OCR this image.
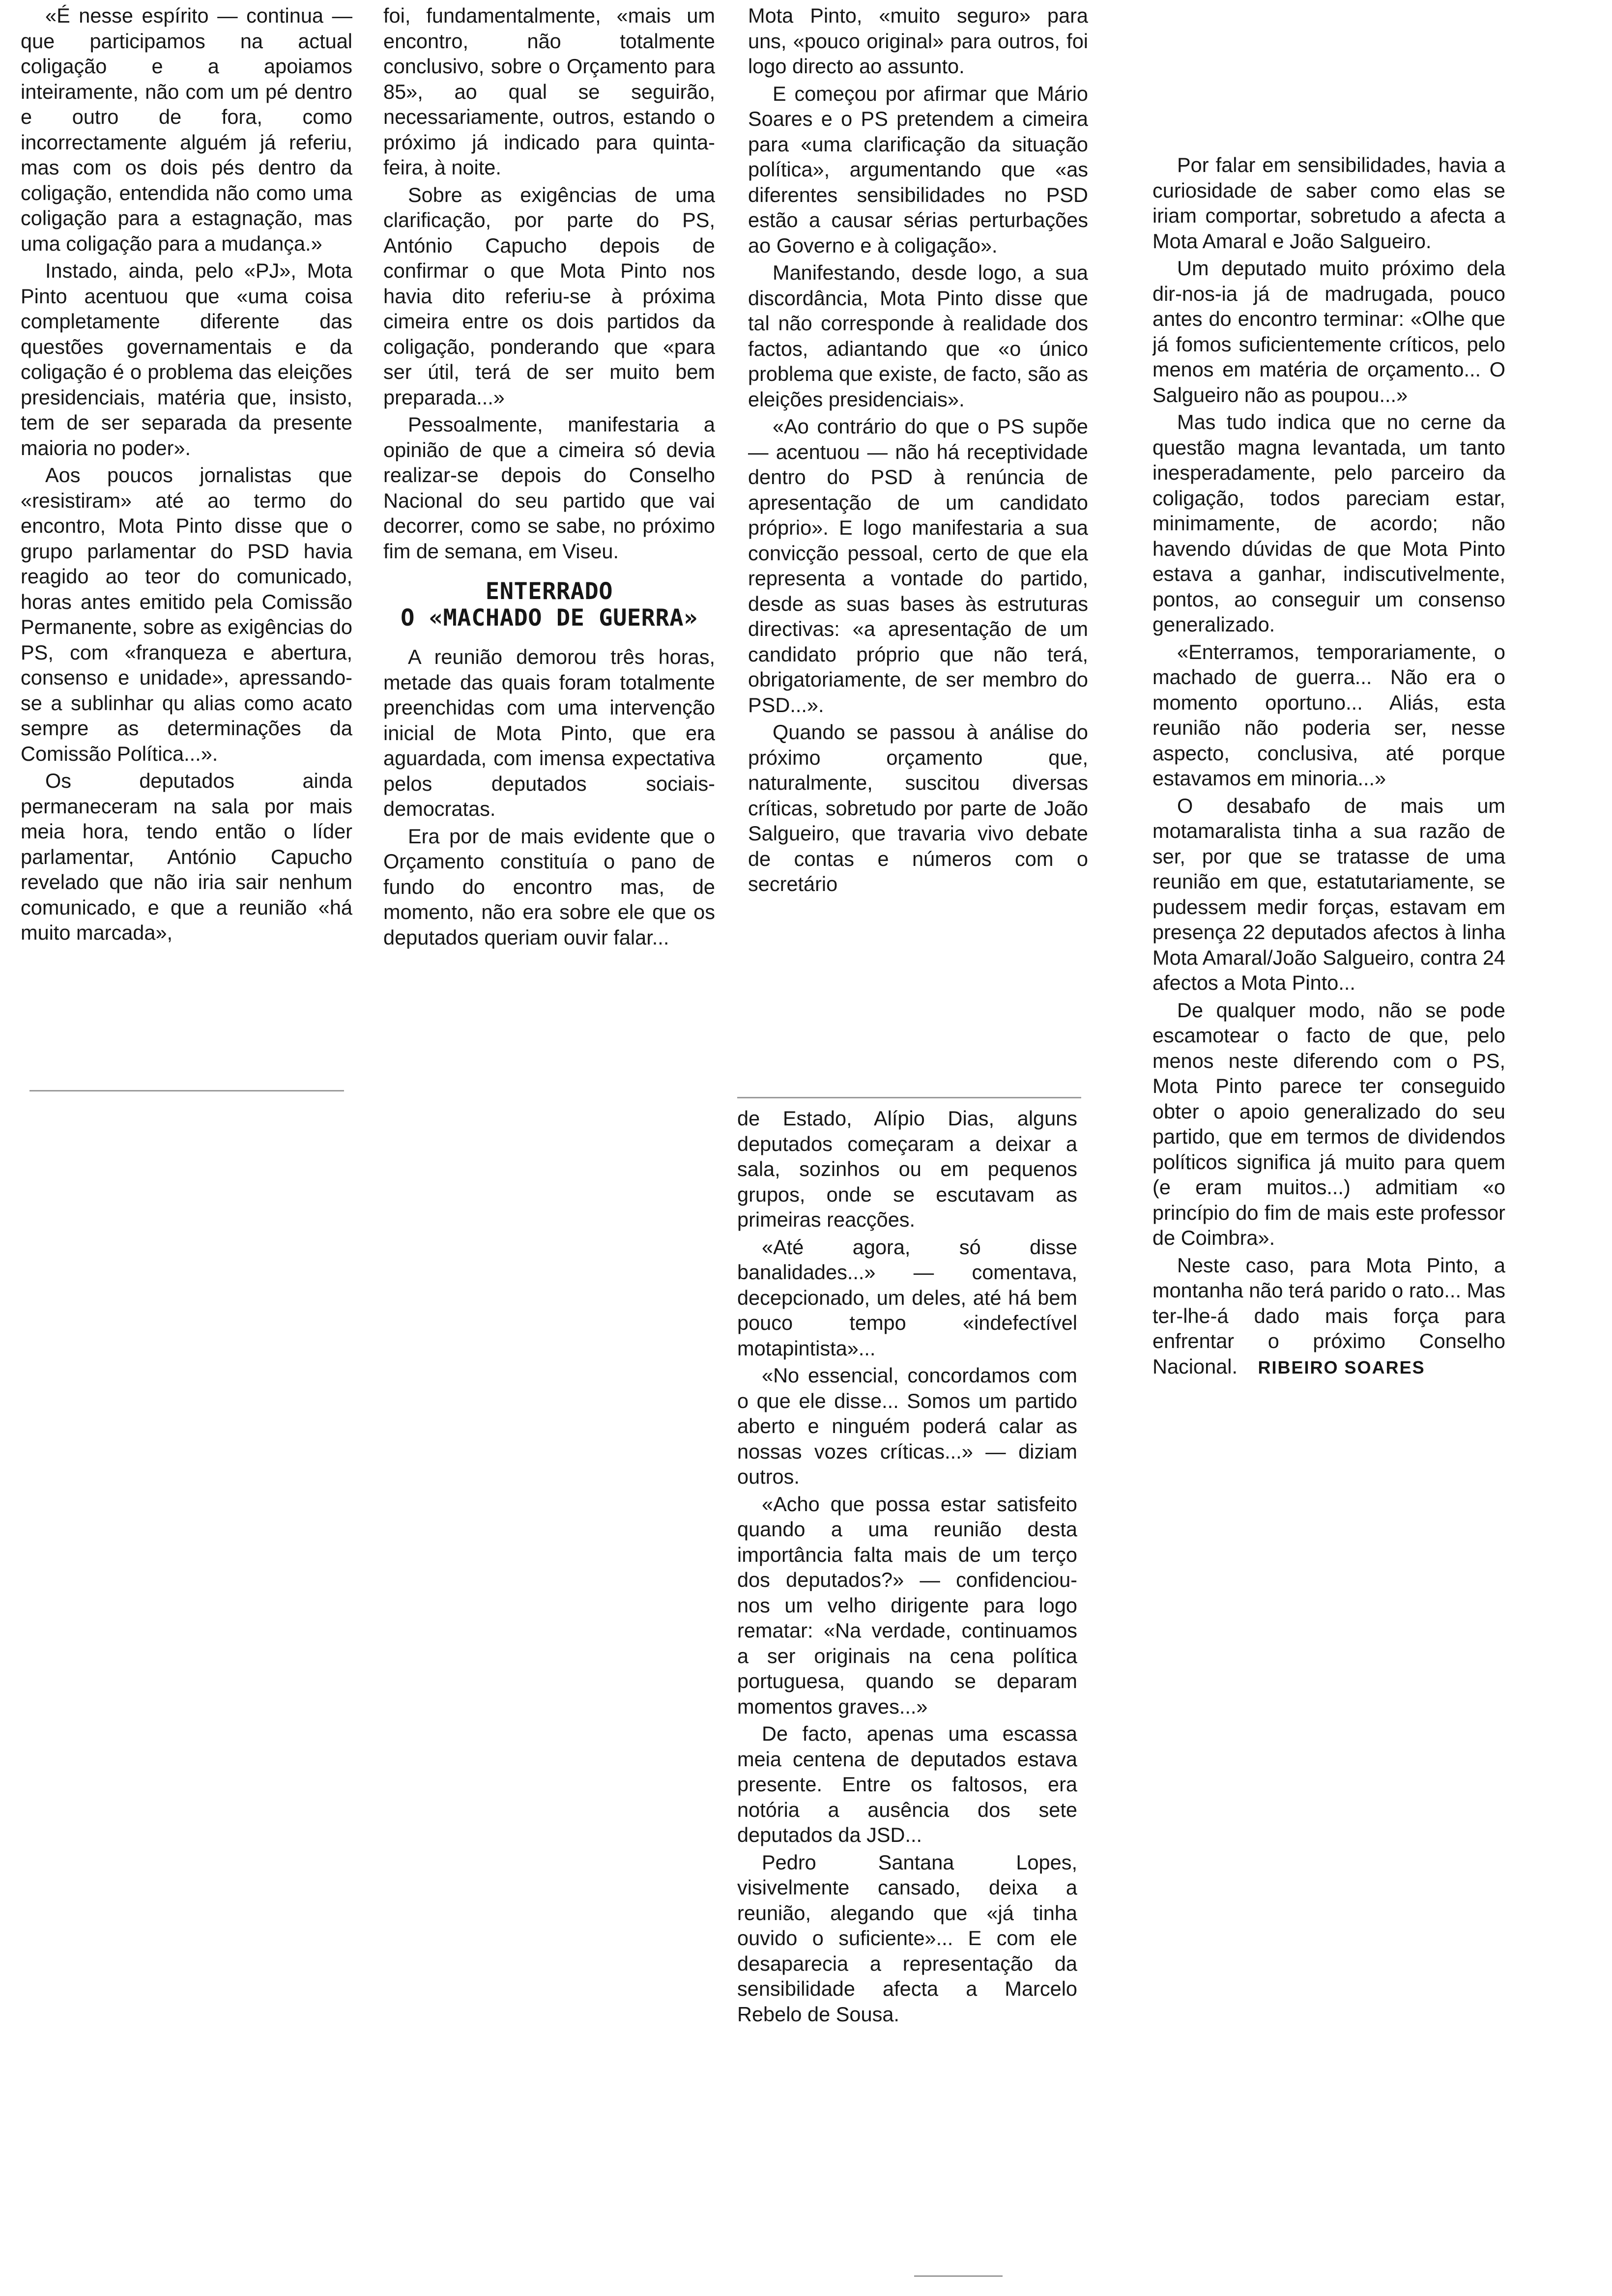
«É nesse espírito — continua — que participamos na actual coligação e a apoiamos inteiramente, não com um pé dentro e outro de fora, como incorrectamente alguém já referiu, mas com os dois pés dentro da coligação, entendida não como uma coligação para a estagnação, mas uma coligação para a mudança.»

Instado, ainda, pelo «PJ», Mota Pinto acentuou que «uma coisa completamente diferente das questões governamentais e da coligação é o problema das eleições presidenciais, matéria que, insisto, tem de ser separada da presente maioria no poder».

Aos poucos jornalistas que «resistiram» até ao termo do encontro, Mota Pinto disse que o grupo parlamentar do PSD havia reagido ao teor do comunicado, horas antes emitido pela Comissão Permanente, sobre as exigências do PS, com «franqueza e abertura, consenso e unidade», apressando-se a sublinhar qu alias como acato sempre as determinações da Comissão Política...».

Os deputados ainda permaneceram na sala por mais meia hora, tendo então o líder parlamentar, António Capucho revelado que não iria sair nenhum comunicado, e que a reunião «há muito marcada»,

foi, fundamentalmente, «mais um encontro, não totalmente conclusivo, sobre o Orçamento para 85», ao qual se seguirão, necessariamente, outros, estando o próximo já indicado para quinta-feira, à noite.

Sobre as exigências de uma clarificação, por parte do PS, António Capucho depois de confirmar o que Mota Pinto nos havia dito referiu-se à próxima cimeira entre os dois partidos da coligação, ponderando que «para ser útil, terá de ser muito bem preparada...»

Pessoalmente, manifestaria a opinião de que a cimeira só devia realizar-se depois do Conselho Nacional do seu partido que vai decorrer, como se sabe, no próximo fim de semana, em Viseu.

ENTERRADO
O «MACHADO DE GUERRA»

A reunião demorou três horas, metade das quais foram totalmente preenchidas com uma intervenção inicial de Mota Pinto, que era aguardada, com imensa expectativa pelos deputados sociais-democratas.

Era por de mais evidente que o Orçamento constituía o pano de fundo do encontro mas, de momento, não era sobre ele que os deputados queriam ouvir falar...

Mota Pinto, «muito seguro» para uns, «pouco original» para outros, foi logo directo ao assunto.

E começou por afirmar que Mário Soares e o PS pretendem a cimeira para «uma clarificação da situação política», argumentando que «as diferentes sensibilidades no PSD estão a causar sérias perturbações ao Governo e à coligação».

Manifestando, desde logo, a sua discordância, Mota Pinto disse que tal não corresponde à realidade dos factos, adiantando que «o único problema que existe, de facto, são as eleições presidenciais».

«Ao contrário do que o PS supõe — acentuou — não há receptividade dentro do PSD à renúncia de apresentação de um candidato próprio». E logo manifestaria a sua convicção pessoal, certo de que ela representa a vontade do partido, desde as suas bases às estruturas directivas: «a apresentação de um candidato próprio que não terá, obrigatoriamente, de ser membro do PSD...».

Quando se passou à análise do próximo orçamento que, naturalmente, suscitou diversas críticas, sobretudo por parte de João Salgueiro, que travaria vivo debate de contas e números com o secretário

de Estado, Alípio Dias, alguns deputados começaram a deixar a sala, sozinhos ou em pequenos grupos, onde se escutavam as primeiras reacções.

«Até agora, só disse banalidades...» — comentava, decepcionado, um deles, até há bem pouco tempo «indefectível motapintista»...

«No essencial, concordamos com o que ele disse... Somos um partido aberto e ninguém poderá calar as nossas vozes críticas...» — diziam outros.

«Acho que possa estar satisfeito quando a uma reunião desta importância falta mais de um terço dos deputados?» — confidenciou-nos um velho dirigente para logo rematar: «Na verdade, continuamos a ser originais na cena política portuguesa, quando se deparam momentos graves...»

De facto, apenas uma escassa meia centena de deputados estava presente. Entre os faltosos, era notória a ausência dos sete deputados da JSD...

Pedro Santana Lopes, visivelmente cansado, deixa a reunião, alegando que «já tinha ouvido o suficiente»... E com ele desaparecia a representação da sensibilidade afecta a Marcelo Rebelo de Sousa.

Por falar em sensibilidades, havia a curiosidade de saber como elas se iriam comportar, sobretudo a afecta a Mota Amaral e João Salgueiro.

Um deputado muito próximo dela dir-nos-ia já de madrugada, pouco antes do encontro terminar: «Olhe que já fomos suficientemente críticos, pelo menos em matéria de orçamento... O Salgueiro não as poupou...»

Mas tudo indica que no cerne da questão magna levantada, um tanto inesperadamente, pelo parceiro da coligação, todos pareciam estar, minimamente, de acordo; não havendo dúvidas de que Mota Pinto estava a ganhar, indiscutivelmente, pontos, ao conseguir um consenso generalizado.

«Enterramos, temporariamente, o machado de guerra... Não era o momento oportuno... Aliás, esta reunião não poderia ser, nesse aspecto, conclusiva, até porque estavamos em minoria...»

O desabafo de mais um motamaralista tinha a sua razão de ser, por que se tratasse de uma reunião em que, estatutariamente, se pudessem medir forças, estavam em presença 22 deputados afectos à linha Mota Amaral/João Salgueiro, contra 24 afectos a Mota Pinto...

De qualquer modo, não se pode escamotear o facto de que, pelo menos neste diferendo com o PS, Mota Pinto parece ter conseguido obter o apoio generalizado do seu partido, que em termos de dividendos políticos significa já muito para quem (e eram muitos...) admitiam «o princípio do fim de mais este professor de Coimbra».

Neste caso, para Mota Pinto, a montanha não terá parido o rato... Mas ter-lhe-á dado mais força para enfrentar o próximo Conselho Nacional. RIBEIRO SOARES
